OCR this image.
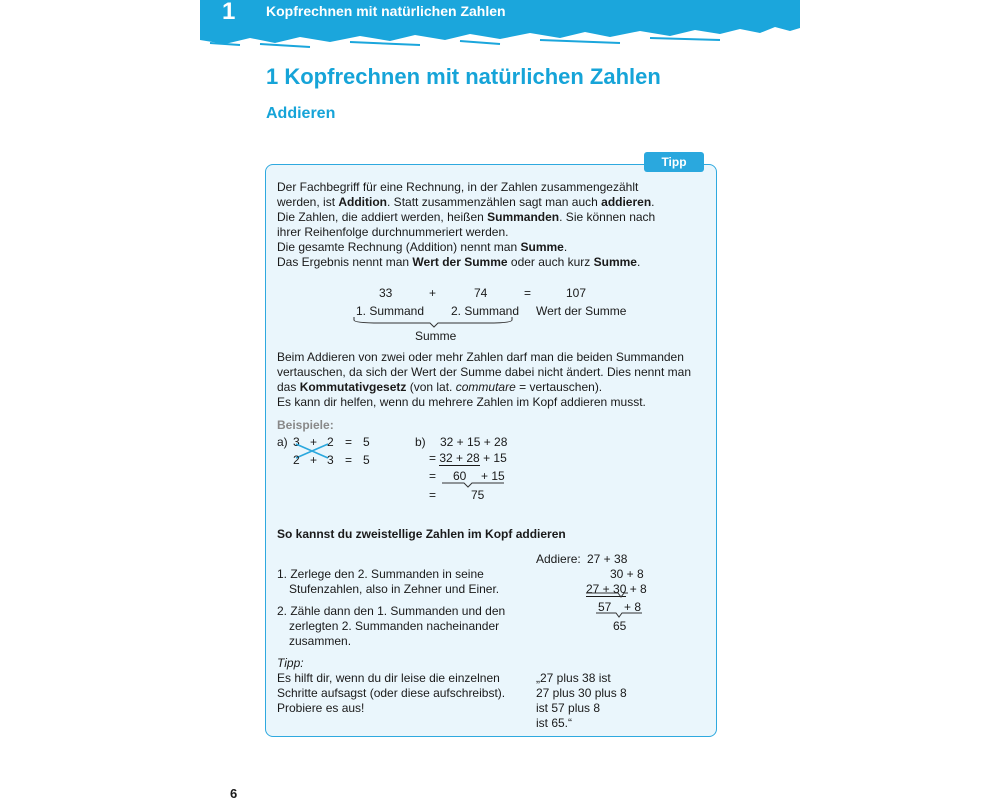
1 Kopfrechnen mit natürlichen Zahlen
1 Kopfrechnen mit natürlichen Zahlen
Addieren
Tipp
Der Fachbegriff für eine Rechnung, in der Zahlen zusammengezählt
werden, ist Addition. Statt zusammenzählen sagt man auch addieren.
Die Zahlen, die addiert werden, heißen Summanden. Sie können nach
ihrer Reihenfolge durchnummeriert werden.
Die gesamte Rechnung (Addition) nennt man Summe.
Das Ergebnis nennt man Wert der Summe oder auch kurz Summe.
33	+	74	=	107
1. Summand 2. Summand Wert der Summe
Summe
Beim Addieren von zwei oder mehr Zahlen darf man die beiden Summanden
vertauschen, da sich der Wert der Summe dabei nicht ändert. Dies nennt man
das Kommutativgesetz (von lat. commutare = vertauschen).
Es kann dir helfen, wenn du mehrere Zahlen im Kopf addieren musst.
Beispiele:
a) 3 + 2 = 5
2 + 3 = 5
b) 32 + 15 + 28
= 32 + 28 + 15
= 60 + 15
=	75
So kannst du zweistellige Zahlen im Kopf addieren
1. Zerlege den 2. Summanden in seine
Stufenzahlen, also in Zehner und Einer.
2. Zähle dann den 1. Summanden und den
zerlegten 2. Summanden nacheinander
zusammen.
Addiere: 27 + 38
30 + 8
27 + 30 + 8
57 + 8
65
Tipp:
Es hilft dir, wenn du dir leise die einzelnen
Schritte aufsagst (oder diese aufschreibst).
Probiere es aus!
„27 plus 38 ist
27 plus 30 plus 8
ist 57 plus 8
ist 65.“
6
